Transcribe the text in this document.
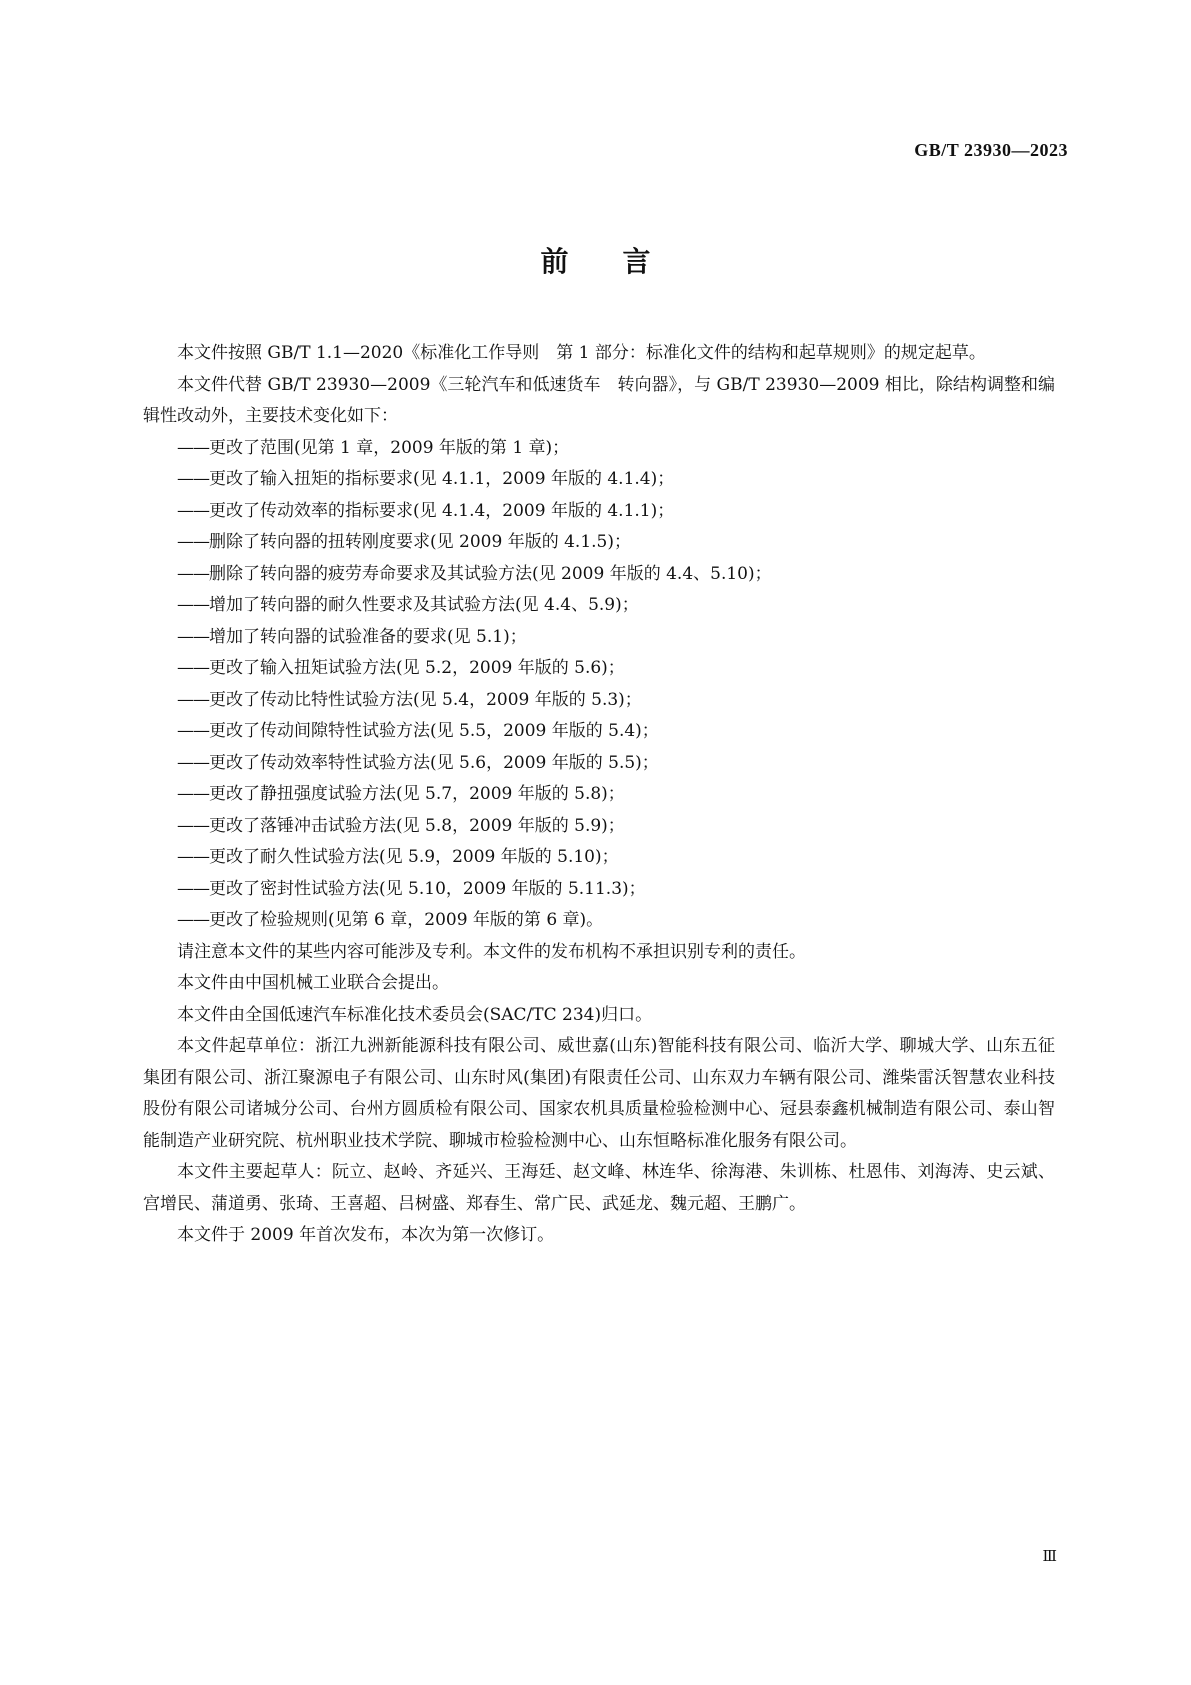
GB/T 23930—2023
前言

本文件按照 GB/T 1.1—2020《标准化工作导则　第 1 部分：标准化文件的结构和起草规则》的规定起草。

本文件代替 GB/T 23930—2009《三轮汽车和低速货车　转向器》，与 GB/T 23930—2009 相比，除结构调整和编辑性改动外，主要技术变化如下：

——更改了范围(见第 1 章，2009 年版的第 1 章)；
——更改了输入扭矩的指标要求(见 4.1.1，2009 年版的 4.1.4)；
——更改了传动效率的指标要求(见 4.1.4，2009 年版的 4.1.1)；
——删除了转向器的扭转刚度要求(见 2009 年版的 4.1.5)；
——删除了转向器的疲劳寿命要求及其试验方法(见 2009 年版的 4.4、5.10)；
——增加了转向器的耐久性要求及其试验方法(见 4.4、5.9)；
——增加了转向器的试验准备的要求(见 5.1)；
——更改了输入扭矩试验方法(见 5.2，2009 年版的 5.6)；
——更改了传动比特性试验方法(见 5.4，2009 年版的 5.3)；
——更改了传动间隙特性试验方法(见 5.5，2009 年版的 5.4)；
——更改了传动效率特性试验方法(见 5.6，2009 年版的 5.5)；
——更改了静扭强度试验方法(见 5.7，2009 年版的 5.8)；
——更改了落锤冲击试验方法(见 5.8，2009 年版的 5.9)；
——更改了耐久性试验方法(见 5.9，2009 年版的 5.10)；
——更改了密封性试验方法(见 5.10，2009 年版的 5.11.3)；
——更改了检验规则(见第 6 章，2009 年版的第 6 章)。

请注意本文件的某些内容可能涉及专利。本文件的发布机构不承担识别专利的责任。

本文件由中国机械工业联合会提出。

本文件由全国低速汽车标准化技术委员会(SAC/TC 234)归口。

本文件起草单位：浙江九洲新能源科技有限公司、威世嘉(山东)智能科技有限公司、临沂大学、聊城大学、山东五征集团有限公司、浙江聚源电子有限公司、山东时风(集团)有限责任公司、山东双力车辆有限公司、潍柴雷沃智慧农业科技股份有限公司诸城分公司、台州方圆质检有限公司、国家农机具质量检验检测中心、冠县泰鑫机械制造有限公司、泰山智能制造产业研究院、杭州职业技术学院、聊城市检验检测中心、山东恒略标准化服务有限公司。

本文件主要起草人：阮立、赵岭、齐延兴、王海廷、赵文峰、林连华、徐海港、朱训栋、杜恩伟、刘海涛、史云斌、宫增民、蒲道勇、张琦、王喜超、吕树盛、郑春生、常广民、武延龙、魏元超、王鹏广。

本文件于 2009 年首次发布，本次为第一次修订。

Ⅲ
